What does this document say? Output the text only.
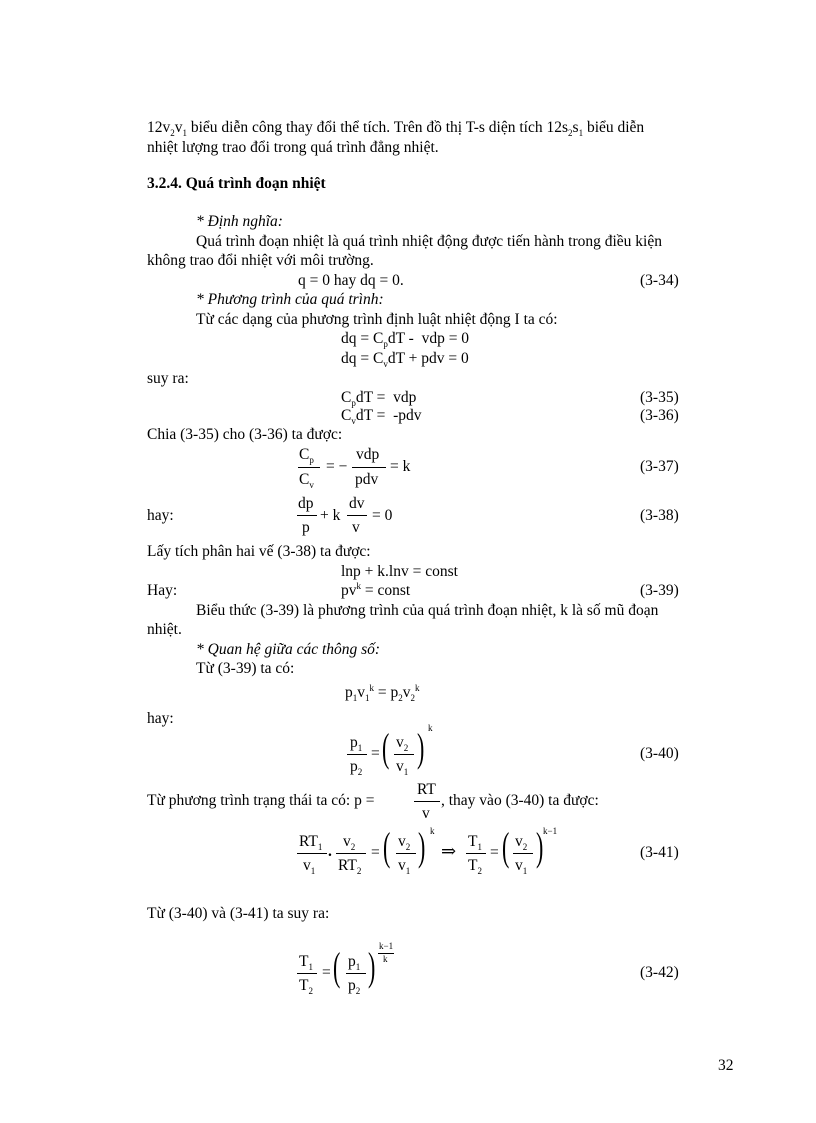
$12v_2v_1$ biểu diễn công thay đổi thể tích. Trên đồ thị T-s diện tích $12s_2s_1$ biểu diễn
nhiệt lượng trao đổi trong quá trình đẳng nhiệt.
3.2.4. Quá trình đoạn nhiệt
* Định nghĩa:
Quá trình đoạn nhiệt là quá trình nhiệt động được tiến hành trong điều kiện
không trao đổi nhiệt với môi trường.
q = 0 hay dq = 0.	(3-34)
* Phương trình của quá trình:
Từ các dạng của phương trình định luật nhiệt động I ta có:
dq = $C_pdT$ -  vdp = 0
dq = $C_vdT$ + pdv = 0
suy ra:
$C_pdT$ =  vdp	(3-35)
$C_vdT = -pdv$	(3-36)
Chia (3-35) cho (3-36) ta được:
$C_p$
$C_v$
= −
vdp
pdv
= k	(3-37)
hay:
dp
p
+ k
dv
v
= 0	(3-38)
Lấy tích phân hai vế (3-38) ta được:
lnp + k.lnv = const
Hay:	$pv^k$ = const	(3-39)
Biểu thức (3-39) là phương trình của quá trình đoạn nhiệt, k là số mũ đoạn
nhiệt.
* Quan hệ giữa các thông số:
Từ (3-39) ta có:
$p_1v_1^k = p_2v_2^k$
hay:
$p_1$
$p_2$
= ( $v_2$
$v_1$
) k
(3-40)
Từ phương trình trạng thái ta có: p =
RT
v
, thay vào (3-40) ta được:
$RT_1$
$v_1$
.
$v_2$
$RT_2$
= ( $v_2$
$v_1$
) k
⇒ $T_1$
$T_2$
= ( $v_2$
$v_1$
) k−1
(3-41)
Từ (3-40) và (3-41) ta suy ra:
$T_1$
$T_2$
= ( $p_1$
$p_2$
) k−1
k
(3-42)
32
